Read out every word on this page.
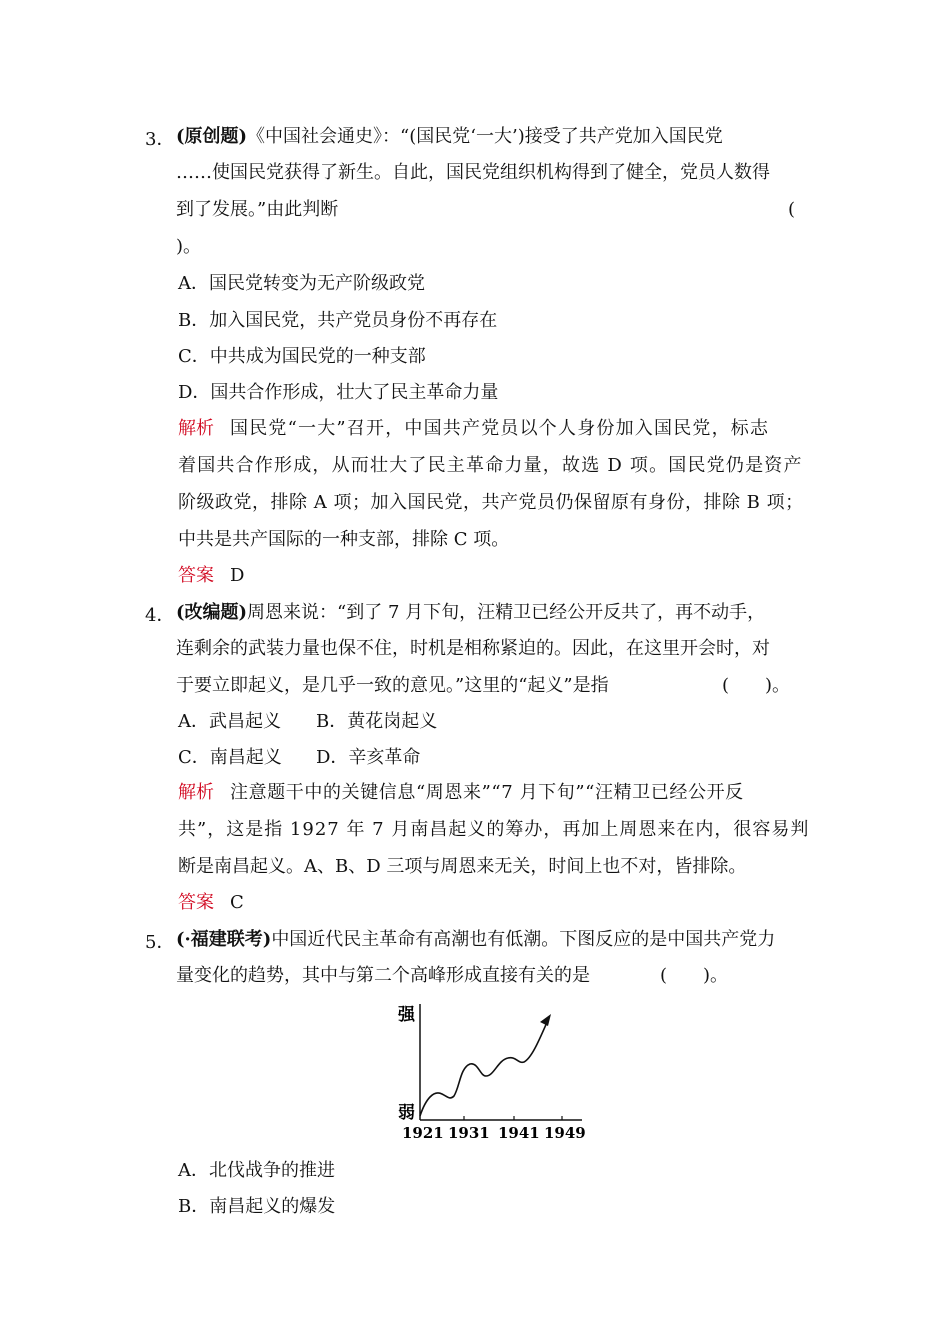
3． (原创题)《中国社会通史》：“(国民党‘一大’)接受了共产党加入国民党
……使国民党获得了新生。自此，国民党组织机构得到了健全，党员人数得
到了发展。”由此判断	(
)。
A．国民党转变为无产阶级政党
B．加入国民党，共产党员身份不再存在
C．中共成为国民党的一种支部
D．国共合作形成，壮大了民主革命力量
解析 国民党“一大”召开，中国共产党员以个人身份加入国民党，标志
着国共合作形成，从而壮大了民主革命力量，故选 D 项。国民党仍是资产
阶级政党，排除 A 项；加入国民党，共产党员仍保留原有身份，排除 B 项；
中共是共产国际的一种支部，排除 C 项。
答案 D
4． (改编题)周恩来说：“到了 7 月下旬，汪精卫已经公开反共了，再不动手，
连剩余的武装力量也保不住，时机是相称紧迫的。因此，在这里开会时，对
于要立即起义，是几乎一致的意见。”这里的“起义”是指	(　　)。
A．武昌起义 B．黄花岗起义
C．南昌起义 D．辛亥革命
解析 注意题干中的关键信息“周恩来”“7 月下旬”“汪精卫已经公开反
共”，这是指 1927 年 7 月南昌起义的筹办，再加上周恩来在内，很容易判
断是南昌起义。A、B、D 三项与周恩来无关，时间上也不对，皆排除。
答案 C
5． (·福建联考)中国近代民主革命有高潮也有低潮。下图反应的是中国共产党力
量变化的趋势，其中与第二个高峰形成直接有关的是	(　　)。
强
弱
1921 1931 1941 1949
A．北伐战争的推进
B．南昌起义的爆发
